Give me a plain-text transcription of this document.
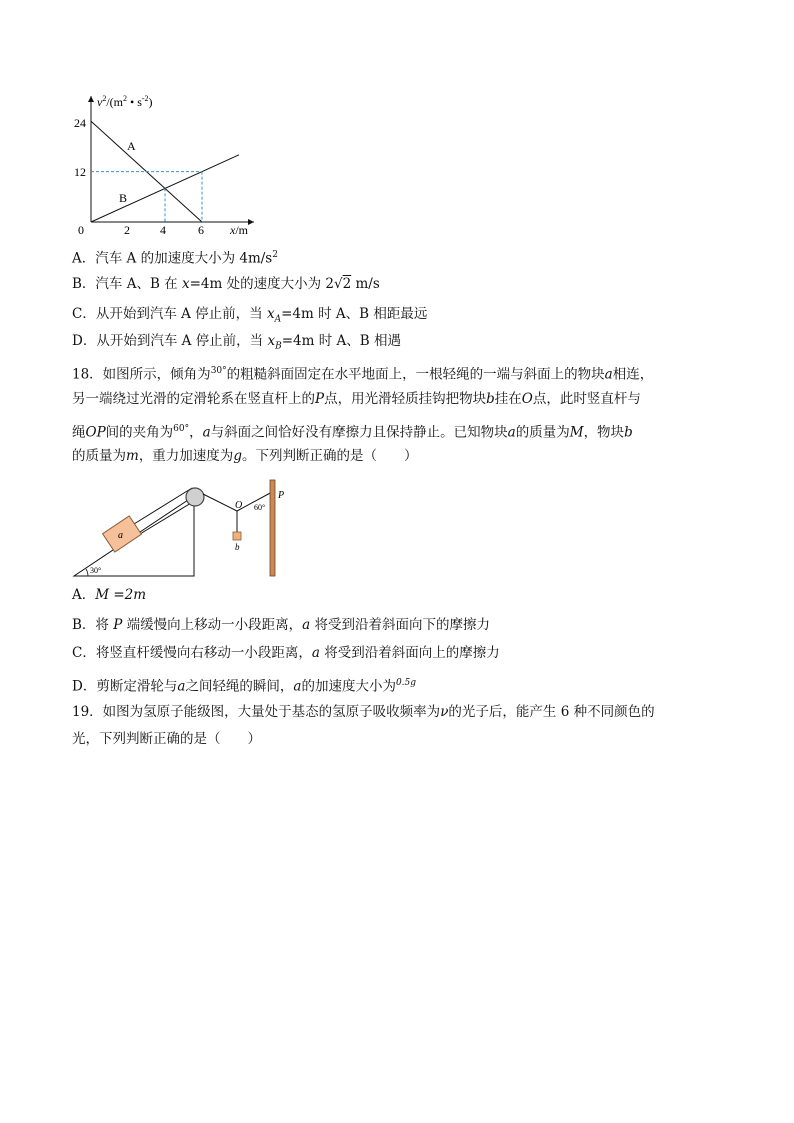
24
12
0	2	4	6 x/m
$v^2/(m^2$ • $s^{-2}$)
A
B
A．汽车 A 的加速度大小为 $4m/s^2$
B．汽车 A、B 在 x=4m 处的速度大小为 2√2 m/s
C．从开始到汽车 A 停止前，当 $x_A=4m$ 时 A、B 相距最远
D．从开始到汽车 A 停止前，当 $x_B=4m$ 时 A、B 相遇
18．如图所示，倾角为$^{30^\circ}$的粗糙斜面固定在水平地面上，一根轻绳的一端与斜面上的物块a相连，
另一端绕过光滑的定滑轮系在竖直杆上的P点，用光滑轻质挂钩把物块b挂在O点，此时竖直杆与
绳OP间的夹角为$^{60^\circ}$，a与斜面之间恰好没有摩擦力且保持静止。已知物块a的质量为M，物块b
的质量为m，重力加速度为g。下列判断正确的是（　　）
a
b
O
P
60°
30°
A．M =2m
B．将 P 端缓慢向上移动一小段距离，a 将受到沿着斜面向下的摩擦力
C．将竖直杆缓慢向右移动一小段距离，a 将受到沿着斜面向上的摩擦力
D．剪断定滑轮与a之间轻绳的瞬间，a的加速度大小为$^{0.5g}$
19．如图为氢原子能级图，大量处于基态的氢原子吸收频率为ν的光子后，能产生 6 种不同颜色的
光，下列判断正确的是（　　）
